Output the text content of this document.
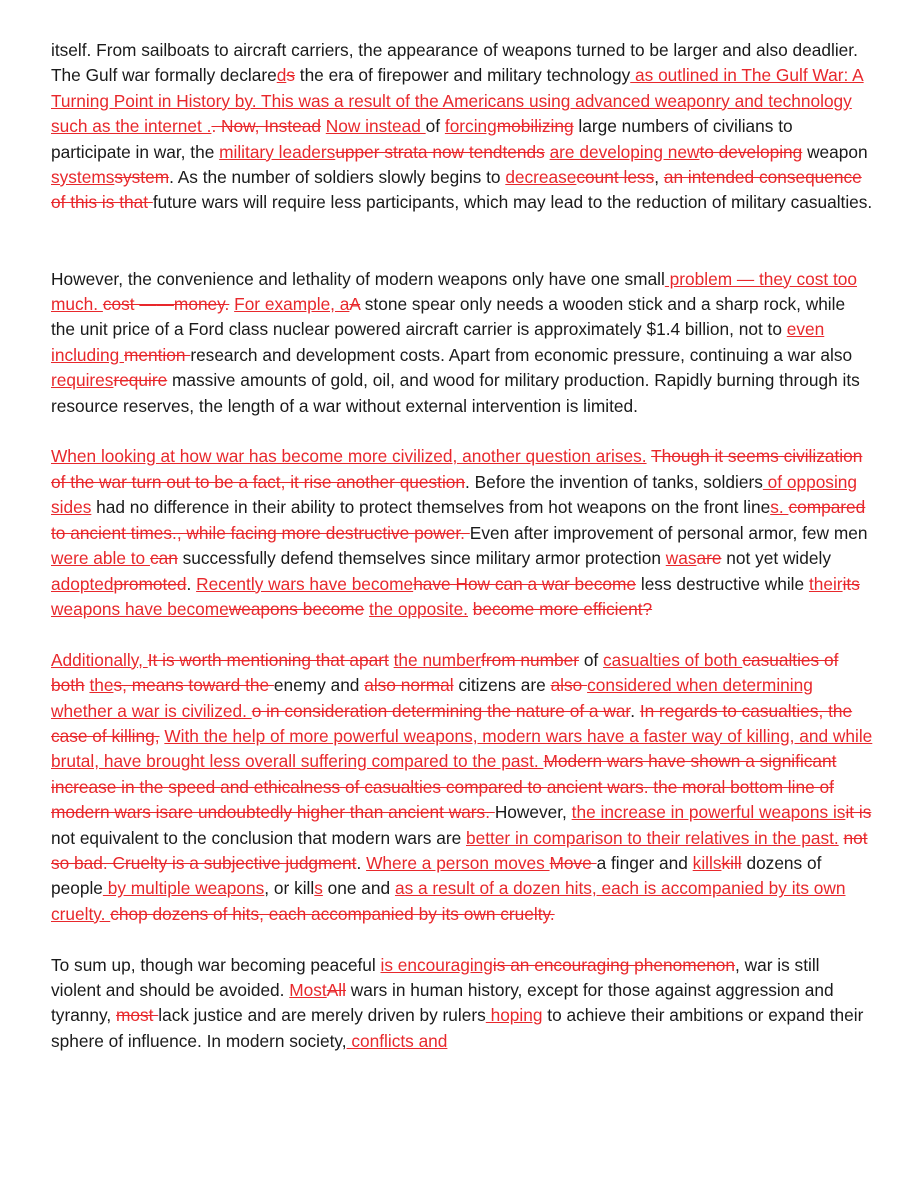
itself. From sailboats to aircraft carriers, the appearance of weapons turned to be larger and also deadlier. The Gulf war formally declareds the era of firepower and military technology as outlined in The Gulf War: A Turning Point in History by. This was a result of the Americans using advanced weaponry and technology such as the internet .. Now, Instead Now instead of forcingmobilizing large numbers of civilians to participate in war, the military leadersupper strata now tendtends are developing newto developing weapon systemssystem. As the number of soldiers slowly begins to decreasecount less, an intended consequence of this is that future wars will require less participants, which may lead to the reduction of military casualties.

However, the convenience and lethality of modern weapons only have one small problem — they cost too much. cost ——money. For example, aA stone spear only needs a wooden stick and a sharp rock, while the unit price of a Ford class nuclear powered aircraft carrier is approximately $1.4 billion, not to even including mention research and development costs. Apart from economic pressure, continuing a war also requiresrequire massive amounts of gold, oil, and wood for military production. Rapidly burning through its resource reserves, the length of a war without external intervention is limited.

When looking at how war has become more civilized, another question arises. Though it seems civilization of the war turn out to be a fact, it rise another question. Before the invention of tanks, soldiers of opposing sides had no difference in their ability to protect themselves from hot weapons on the front lines. compared to ancient times., while facing more destructive power. Even after improvement of personal armor, few men were able to can successfully defend themselves since military armor protection wasare not yet widely adoptedpromoted. Recently wars have becomehave How can a war become less destructive while theirits weapons have becomeweapons become the opposite. become more efficient?

Additionally, It is worth mentioning that apart the numberfrom number of casualties of both casualties of both thes, means toward the enemy and also normal citizens are also considered when determining whether a war is civilized. o in consideration determining the nature of a war. In regards to casualties, the case of killing, With the help of more powerful weapons, modern wars have a faster way of killing, and while brutal, have brought less overall suffering compared to the past. Modern wars have shown a significant increase in the speed and ethicalness of casualties compared to ancient wars. the moral bottom line of modern wars isare undoubtedly higher than ancient wars. However, the increase in powerful weapons isit is not equivalent to the conclusion that modern wars are better in comparison to their relatives in the past. not so bad. Cruelty is a subjective judgment. Where a person moves Move a finger and killskill dozens of people by multiple weapons, or kills one and as a result of a dozen hits, each is accompanied by its own cruelty. chop dozens of hits, each accompanied by its own cruelty.

To sum up, though war becoming peaceful is encouragingis an encouraging phenomenon, war is still violent and should be avoided. MostAll wars in human history, except for those against aggression and tyranny, most lack justice and are merely driven by rulers hoping to achieve their ambitions or expand their sphere of influence. In modern society, conflicts and
